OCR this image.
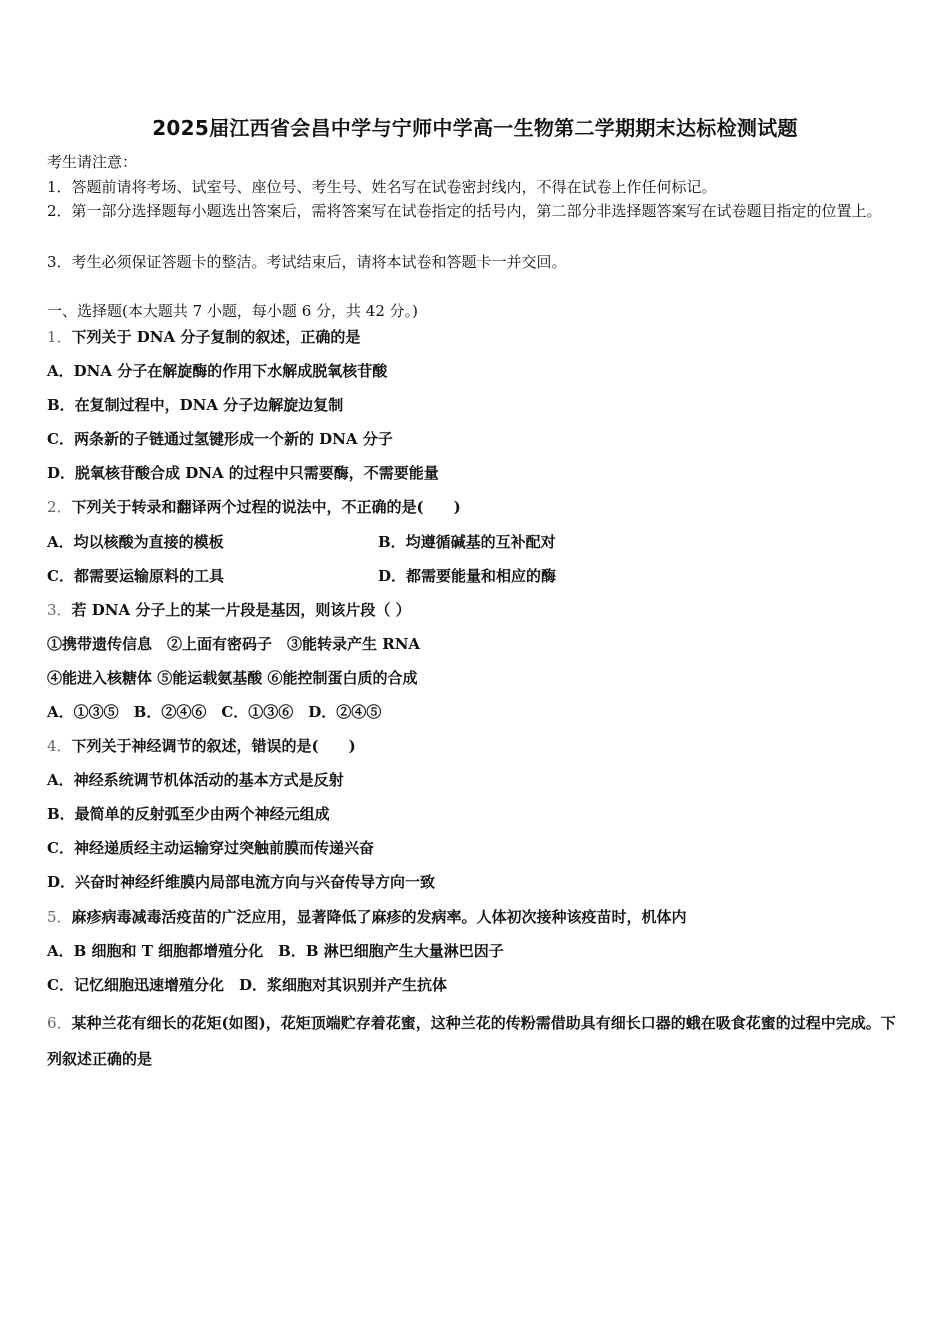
2025届江西省会昌中学与宁师中学高一生物第二学期期末达标检测试题
考生请注意：
1．答题前请将考场、试室号、座位号、考生号、姓名写在试卷密封线内，不得在试卷上作任何标记。
2．第一部分选择题每小题选出答案后，需将答案写在试卷指定的括号内，第二部分非选择题答案写在试卷题目指定的位置上。
3．考生必须保证答题卡的整洁。考试结束后，请将本试卷和答题卡一并交回。
一、选择题(本大题共 7 小题，每小题 6 分，共 42 分。)
1．下列关于 DNA 分子复制的叙述，正确的是
A．DNA 分子在解旋酶的作用下水解成脱氧核苷酸
B．在复制过程中，DNA 分子边解旋边复制
C．两条新的子链通过氢键形成一个新的 DNA 分子
D．脱氧核苷酸合成 DNA 的过程中只需要酶，不需要能量
2．下列关于转录和翻译两个过程的说法中，不正确的是(　　)
A．均以核酸为直接的模板	B．均遵循碱基的互补配对
C．都需要运输原料的工具	D．都需要能量和相应的酶
3．若 DNA 分子上的某一片段是基因，则该片段（ ）
①携带遗传信息　②上面有密码子　③能转录产生 RNA
④能进入核糖体 ⑤能运载氨基酸 ⑥能控制蛋白质的合成
A．①③⑤　B．②④⑥　C．①③⑥　D．②④⑤
4．下列关于神经调节的叙述，错误的是(　　)
A．神经系统调节机体活动的基本方式是反射
B．最简单的反射弧至少由两个神经元组成
C．神经递质经主动运输穿过突触前膜而传递兴奋
D．兴奋时神经纤维膜内局部电流方向与兴奋传导方向一致
5．麻疹病毒减毒活疫苗的广泛应用，显著降低了麻疹的发病率。人体初次接种该疫苗时，机体内
A．B 细胞和 T 细胞都增殖分化　B．B 淋巴细胞产生大量淋巴因子
C．记忆细胞迅速增殖分化　D．浆细胞对其识别并产生抗体
6．某种兰花有细长的花矩(如图)，花矩顶端贮存着花蜜，这种兰花的传粉需借助具有细长口器的蛾在吸食花蜜的过程中完成。下列叙述正确的是
